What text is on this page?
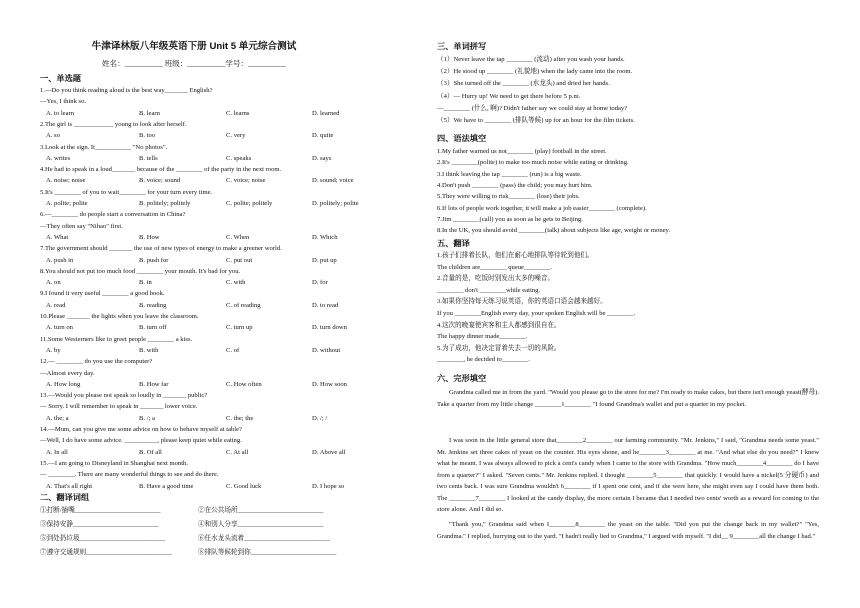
牛津译林版八年级英语下册 Unit 5 单元综合测试
姓名：__________ 班级：__________学号：__________
一、单选题
1.—Do you think reading aloud is the best way_______ English?
—Yes, I think so.
A. to learn	B. learn	C. learns	D. learned
2.The girl is ____________ young to look after herself.
A. so	B. too	C. very	D. quite
3.Look at the sign. It___________ "No photos".
A. writes	B. tells	C. speaks	D. says
4.He had to speak in a loud_______ because of the ________ of the party in the next room.
A. noise; noise	B. voice; sound	C. voice; noise	D. sound; voice
5.It's ________ of you to wait________ for your turn every time.
A. polite; polite	B. politely; politely	C. polite; politely	D. politely; polite
6.—________ do people start a conversation in China?
—They often say "Nihao" first.
A. What	B. How	C. When	D. Which
7.The government should _______ the use of new types of energy to make a greener world.
A. push in	B. push for	C. put out	D. put up
8.You should not put too much food ________ your mouth. It's bad for you.
A. on	B. in	C. with	D. for
9.I found it very useful ________ a good book.
A. read	B. reading	C. of reading	D. to read
10.Please _______ the lights when you leave the classroom.
A. turn on	B. turn off	C. turn up	D. turn down
11.Some Westerners like to greet people ________ a kiss.
A. by	B. with	C. of	D. without
12.— ________ do you use the computer?
—Almost every day.
A. How long	B. How far	C. How often	D. How soon
13.—Would you please not speak so loudly in _______ public?
— Sorry. I will remember to speak in _______ lower voice.
A. the; a	B. /; a	C. the; the	D. /; /
14.—Mum, can you give me some advice on how to behave myself at table?
—Well, I do have some advice. __________, please keep quiet while eating.
A. In all	B. Of all	C. At all	D. Above all
15.—I am going to Disneyland in Shanghai next month.
— ________. There are many wonderful things to see and do there.
A. That's all right	B. Have a good time	C. Good luck	D. I hope so
二、翻译词组
①打断/插嘴__________________________	②在公共场所__________________________
③保持安静__________________________	④和别人分享__________________________
⑤到处扔垃圾__________________________	⑥任水龙头流着__________________________
⑦遵守交通规则__________________________	⑧排队等候轮到你__________________________
三、单词拼写
（1）Never leave the tap ________ (流动) after you wash your hands.
（2）He stood up ________ (礼貌地) when the lady came into the room.
（3）She turned off the ________ (水龙头) and dried her hands.
（4）— Hurry up! We need to get there before 5 p.m.
—________ (什么, 啊)? Didn't father say we could stay at home today?
（5）We have to ________ (排队等候) up for an hour for the film tickets.
四、语法填空
1.My father warned us not________ (play) football in the street.
2.It's ________(polite) to make too much noise while eating or drinking.
3.I think leaving the tap ________ (run) is a big waste.
4.Don't push ________ (pass) the child; you may hurt him.
5.They were willing to risk________ (lose) their jobs.
6.If lots of people work together, it will make a job easier________ (complete).
7.Jim ________(call) you as soon as he gets to Beijing.
8.In the UK, you should avoid ________(talk) about subjects like age, weight or money.
五、翻译
1.孩子们排着长队，他们在耐心地排队等待轮到他们。
The children are________ queue________.
2.音量的是，吃饭时别发出太多的噪音。
________ don't ________while eating.
3.如果你坚持每天练习说英语，你的英语口语会越来越好。
If you ________English every day, your spoken English will be ________.
4.这次的晚宴使宾客和主人都感到很自在。
The happy dinner made________.
5.为了成功，他决定冒着失去一切的风险。
________, he decided to________.
六、完形填空
Grandma called me in from the yard. "Would you please go to the store for me? I'm ready to make cakes, but there isn't enough yeast(酵母). Take a quarter from my little change ________1________ "I found Grandma's wallet and put a quarter in my pocket.
I was soon in the little general store that________2________ our farming community. "Mr. Jenkins," I said, "Grandma needs some yeast." Mr. Jenkins set three cakes of yeast on the counter. His eyes shone, and he________3________ at me. "And what else do you need?" I knew what he meant. I was always allowed to pick a cent's candy when I came to the store with Grandma. "How much________4________ do I have from a quarter?" I asked. "Seven cents." Mr. Jenkins replied. I thought ________5________ that quickly. I would have a nickel(5 分硬币) and two cents back. I was sure Grandma wouldn't 6________ if I spent one cent, and if she were here, she might even say I could have them both. The ________7________ I looked at the candy display, the more certain I became that I needed two cents' worth as a reward for coming to the store alone. And I did so.
"Thank you," Grandma said when I________8________ the yeast on the table. "Did you put the change back in my wallet?" "Yes, Grandma." I replied, hurrying out to the yard. "I hadn't really lied to Grandma," I argued with myself. "I did__ 9________all the change I had."
